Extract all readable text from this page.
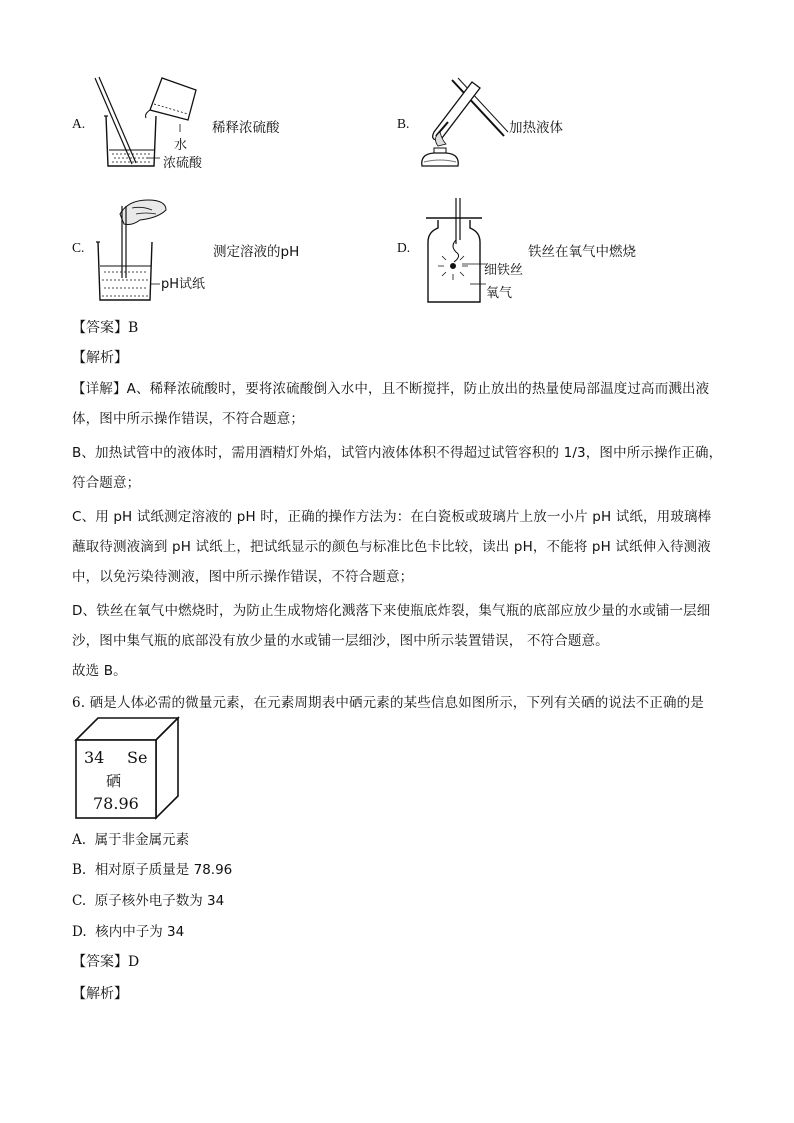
A.
水
浓硫酸
稀释浓硫酸	B.	加热液体
C.
pH试纸
测定溶液的pH	D.
细铁丝
氧气
铁丝在氧气中燃烧
【答案】B
【解析】
【详解】A、稀释浓硫酸时，要将浓硫酸倒入水中，且不断搅拌，防止放出的热量使局部温度过高而溅出液体，图中所示操作错误，不符合题意；
B、加热试管中的液体时，需用酒精灯外焰，试管内液体体积不得超过试管容积的 1/3，图中所示操作正确，符合题意；
C、用 pH 试纸测定溶液的 pH 时，正确的操作方法为：在白瓷板或玻璃片上放一小片 pH 试纸，用玻璃棒蘸取待测液滴到 pH 试纸上，把试纸显示的颜色与标准比色卡比较，读出 pH，不能将 pH 试纸伸入待测液中，以免污染待测液，图中所示操作错误，不符合题意；
D、铁丝在氧气中燃烧时，为防止生成物熔化溅落下来使瓶底炸裂，集气瓶的底部应放少量的水或铺一层细沙，图中集气瓶的底部没有放少量的水或铺一层细沙，图中所示装置错误， 不符合题意。
故选 B。
6. 硒是人体必需的微量元素，在元素周期表中硒元素的某些信息如图所示，下列有关硒的说法不正确的是
34 Se
硒
78.96
A. 属于非金属元素
B. 相对原子质量是 78.96
C. 原子核外电子数为 34
D. 核内中子为 34
【答案】D
【解析】
